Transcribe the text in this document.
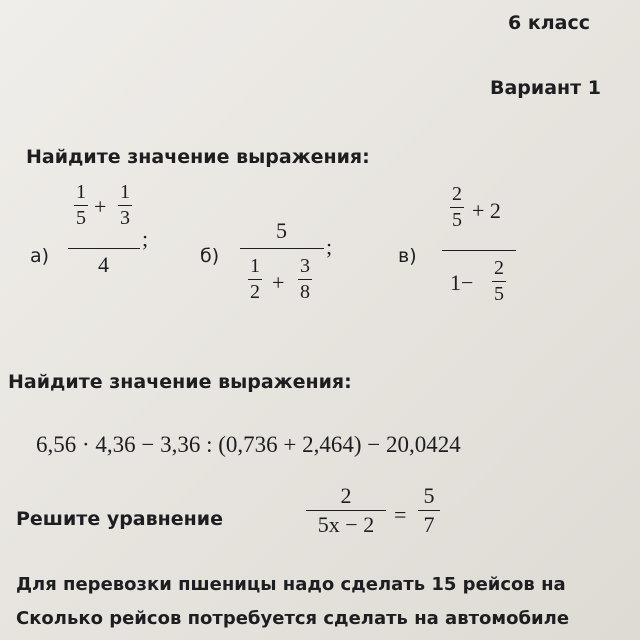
6 класс
Вариант 1
Найдите значение выражения:
а)
1
5 +
1
3
4
;
б)
5
1
2 +
3
8
;	в)
2
5 + 2
1−
2
5
Найдите значение выражения:
6,56 · 4,36 − 3,36 : (0,736 + 2,464) − 20,0424
Решите уравнение
2
5x − 2 =
5
7
Для перевозки пшеницы надо сделать 15 рейсов на
Сколько рейсов потребуется сделать на автомобиле
